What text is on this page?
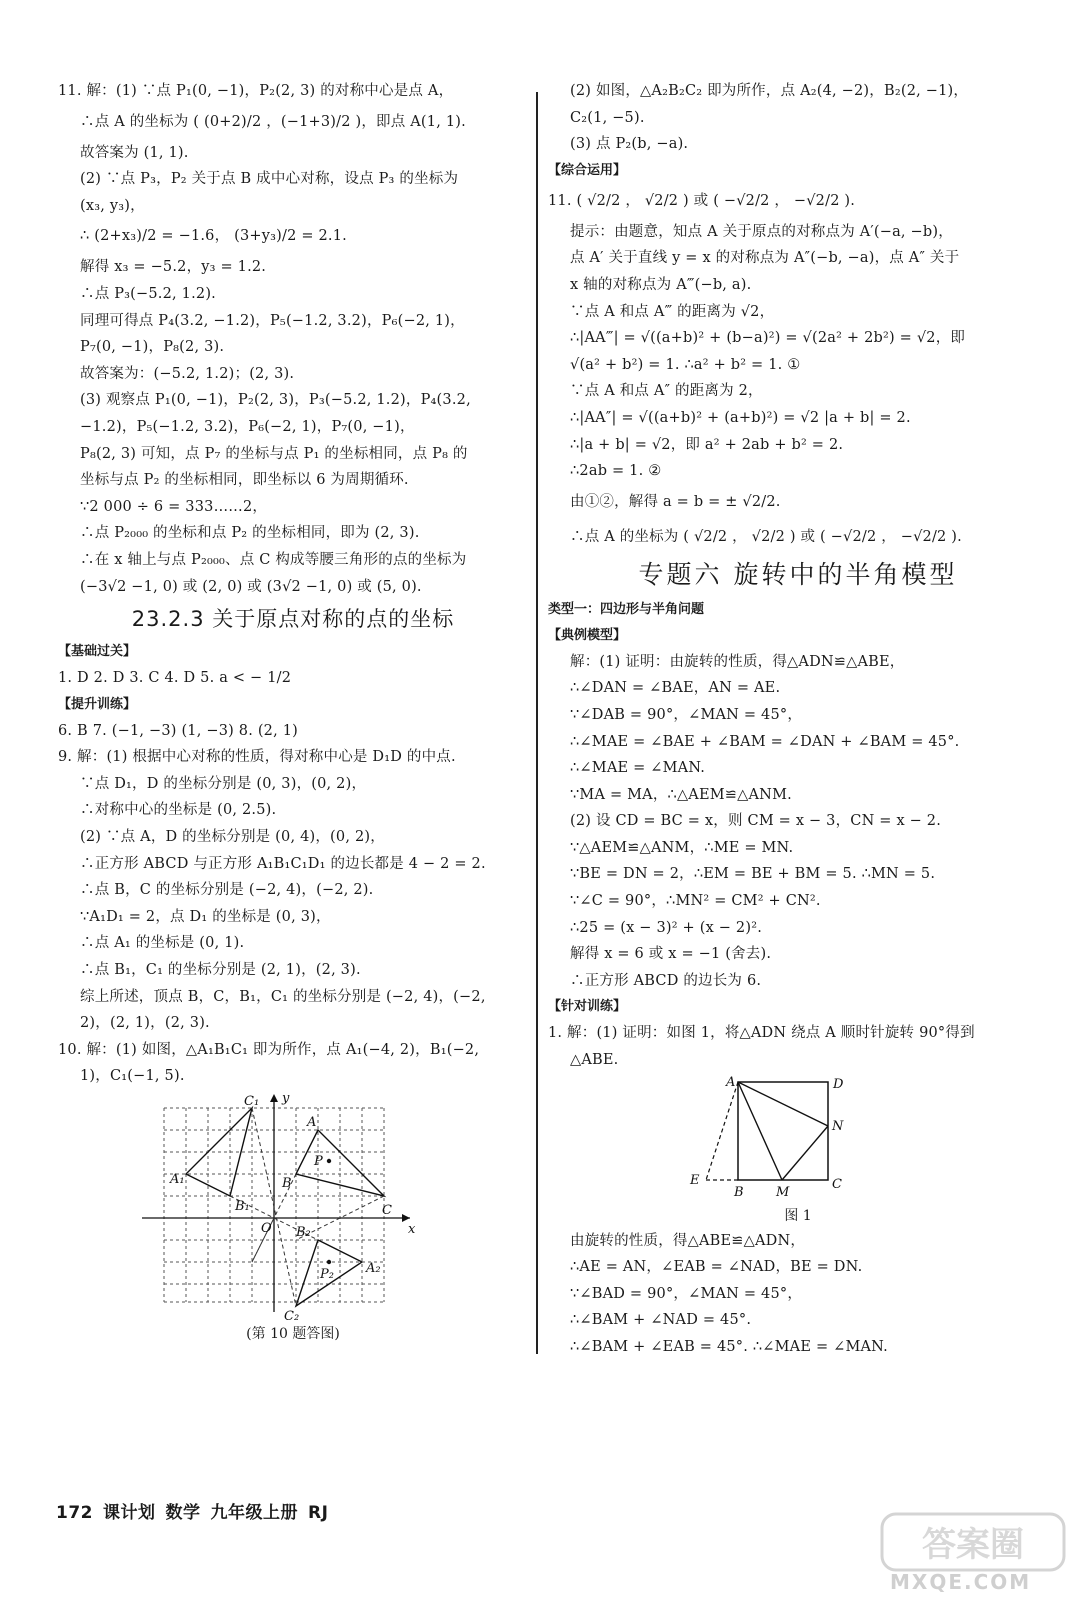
11. 解：(1) ∵点 P₁(0, −1)，P₂(2, 3) 的对称中心是点 A，

∴点 A 的坐标为 ( (0+2)/2 ，(−1+3)/2 )，即点 A(1, 1).

故答案为 (1, 1).

(2) ∵点 P₃，P₂ 关于点 B 成中心对称，设点 P₃ 的坐标为

(x₃, y₃)，

∴ (2+x₃)/2 = −1.6， (3+y₃)/2 = 2.1.

解得 x₃ = −5.2，y₃ = 1.2.

∴点 P₃(−5.2, 1.2).

同理可得点 P₄(3.2, −1.2)，P₅(−1.2, 3.2)，P₆(−2, 1)，

P₇(0, −1)，P₈(2, 3).

故答案为：(−5.2, 1.2)；(2, 3).

(3) 观察点 P₁(0, −1)，P₂(2, 3)，P₃(−5.2, 1.2)，P₄(3.2,

−1.2)，P₅(−1.2, 3.2)，P₆(−2, 1)，P₇(0, −1)，

P₈(2, 3) 可知，点 P₇ 的坐标与点 P₁ 的坐标相同，点 P₈ 的

坐标与点 P₂ 的坐标相同，即坐标以 6 为周期循环.

∵2 000 ÷ 6 = 333……2，

∴点 P₂₀₀₀ 的坐标和点 P₂ 的坐标相同，即为 (2, 3).

∴在 x 轴上与点 P₂₀₀₀、点 C 构成等腰三角形的点的坐标为

(−3√2 −1, 0) 或 (2, 0) 或 (3√2 −1, 0) 或 (5, 0).

23.2.3 关于原点对称的点的坐标

【基础过关】

1. D 2. D 3. C 4. D 5. a < − 1/2

【提升训练】

6. B 7. (−1, −3) (1, −3) 8. (2, 1)

9. 解：(1) 根据中心对称的性质，得对称中心是 D₁D 的中点.

∵点 D₁，D 的坐标分别是 (0, 3)，(0, 2)，

∴对称中心的坐标是 (0, 2.5).

(2) ∵点 A，D 的坐标分别是 (0, 4)，(0, 2)，

∴正方形 ABCD 与正方形 A₁B₁C₁D₁ 的边长都是 4 − 2 = 2.

∴点 B，C 的坐标分别是 (−2, 4)，(−2, 2).

∵A₁D₁ = 2，点 D₁ 的坐标是 (0, 3)，

∴点 A₁ 的坐标是 (0, 1).

∴点 B₁，C₁ 的坐标分别是 (2, 1)，(2, 3).

综上所述，顶点 B，C，B₁，C₁ 的坐标分别是 (−2, 4)，(−2,

2)，(2, 1)，(2, 3).

10. 解：(1) 如图，△A₁B₁C₁ 即为所作，点 A₁(−4, 2)，B₁(−2,

1)，C₁(−1, 5).

C₁ y
A
P
A₁	B
B₁	C
O	x
B₂
P₂ A₂
C₂

(第 10 题答图)

(2) 如图，△A₂B₂C₂ 即为所作，点 A₂(4, −2)，B₂(2, −1)，

C₂(1, −5).

(3) 点 P₂(b, −a).

【综合运用】

11. ( √2/2 ， √2/2 ) 或 ( −√2/2 ， −√2/2 ).

提示：由题意，知点 A 关于原点的对称点为 A′(−a, −b)，

点 A′ 关于直线 y = x 的对称点为 A″(−b, −a)，点 A″ 关于

x 轴的对称点为 A‴(−b, a).

∵点 A 和点 A‴ 的距离为 √2，

∴|AA‴| = √((a+b)² + (b−a)²) = √(2a² + 2b²) = √2，即

√(a² + b²) = 1. ∴a² + b² = 1. ①

∵点 A 和点 A″ 的距离为 2，

∴|AA″| = √((a+b)² + (a+b)²) = √2 |a + b| = 2.

∴|a + b| = √2，即 a² + 2ab + b² = 2.

∴2ab = 1. ②

由①②，解得 a = b = ± √2/2.

∴点 A 的坐标为 ( √2/2 ， √2/2 ) 或 ( −√2/2 ， −√2/2 ).

专题六 旋转中的半角模型

类型一：四边形与半角问题

【典例模型】

解：(1) 证明：由旋转的性质，得△ADN≌△ABE，

∴∠DAN = ∠BAE，AN = AE.

∵∠DAB = 90°，∠MAN = 45°，

∴∠MAE = ∠BAE + ∠BAM = ∠DAN + ∠BAM = 45°.

∴∠MAE = ∠MAN.

∵MA = MA，∴△AEM≌△ANM.

(2) 设 CD = BC = x，则 CM = x − 3，CN = x − 2.

∵△AEM≌△ANM，∴ME = MN.

∵BE = DN = 2，∴EM = BE + BM = 5. ∴MN = 5.

∵∠C = 90°，∴MN² = CM² + CN².

∴25 = (x − 3)² + (x − 2)².

解得 x = 6 或 x = −1 (舍去).

∴正方形 ABCD 的边长为 6.

【针对训练】

1. 解：(1) 证明：如图 1，将△ADN 绕点 A 顺时针旋转 90°得到

△ABE.

A	D
N
E
B M
C

图 1

由旋转的性质，得△ABE≌△ADN，

∴AE = AN，∠EAB = ∠NAD，BE = DN.

∵∠BAD = 90°，∠MAN = 45°，

∴∠BAM + ∠NAD = 45°.

∴∠BAM + ∠EAB = 45°. ∴∠MAE = ∠MAN.

172 课计划 数学 九年级上册 RJ
答案圈
MXQE.COM
